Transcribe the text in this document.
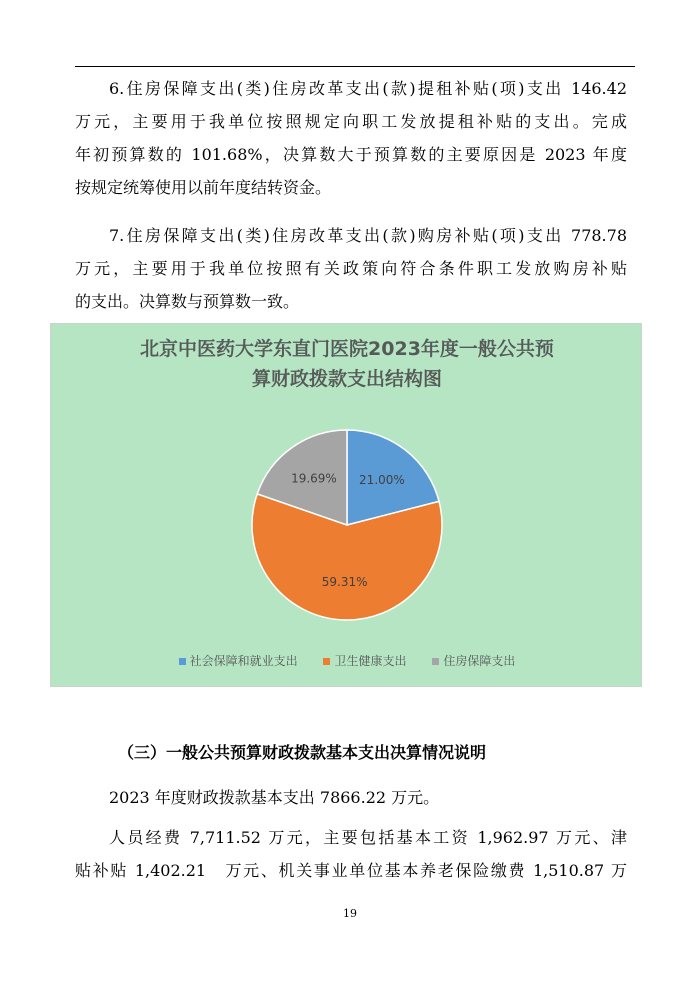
6.住房保障支出(类)住房改革支出(款)提租补贴(项)支出 146.42
万元，主要用于我单位按照规定向职工发放提租补贴的支出。完成
年初预算数的 101.68%，决算数大于预算数的主要原因是 2023 年度
按规定统筹使用以前年度结转资金。
7.住房保障支出(类)住房改革支出(款)购房补贴(项)支出 778.78
万元，主要用于我单位按照有关政策向符合条件职工发放购房补贴
的支出。决算数与预算数一致。
北京中医药大学东直门医院2023年度一般公共预
算财政拨款支出结构图
21.00%
59.31%
19.69%
社会保障和就业支出	卫生健康支出	住房保障支出
（三）一般公共预算财政拨款基本支出决算情况说明
2023 年度财政拨款基本支出 7866.22 万元。
人员经费 7,711.52 万元，主要包括基本工资 1,962.97 万元、津
贴补贴 1,402.21　万元、机关事业单位基本养老保险缴费 1,510.87 万
19
